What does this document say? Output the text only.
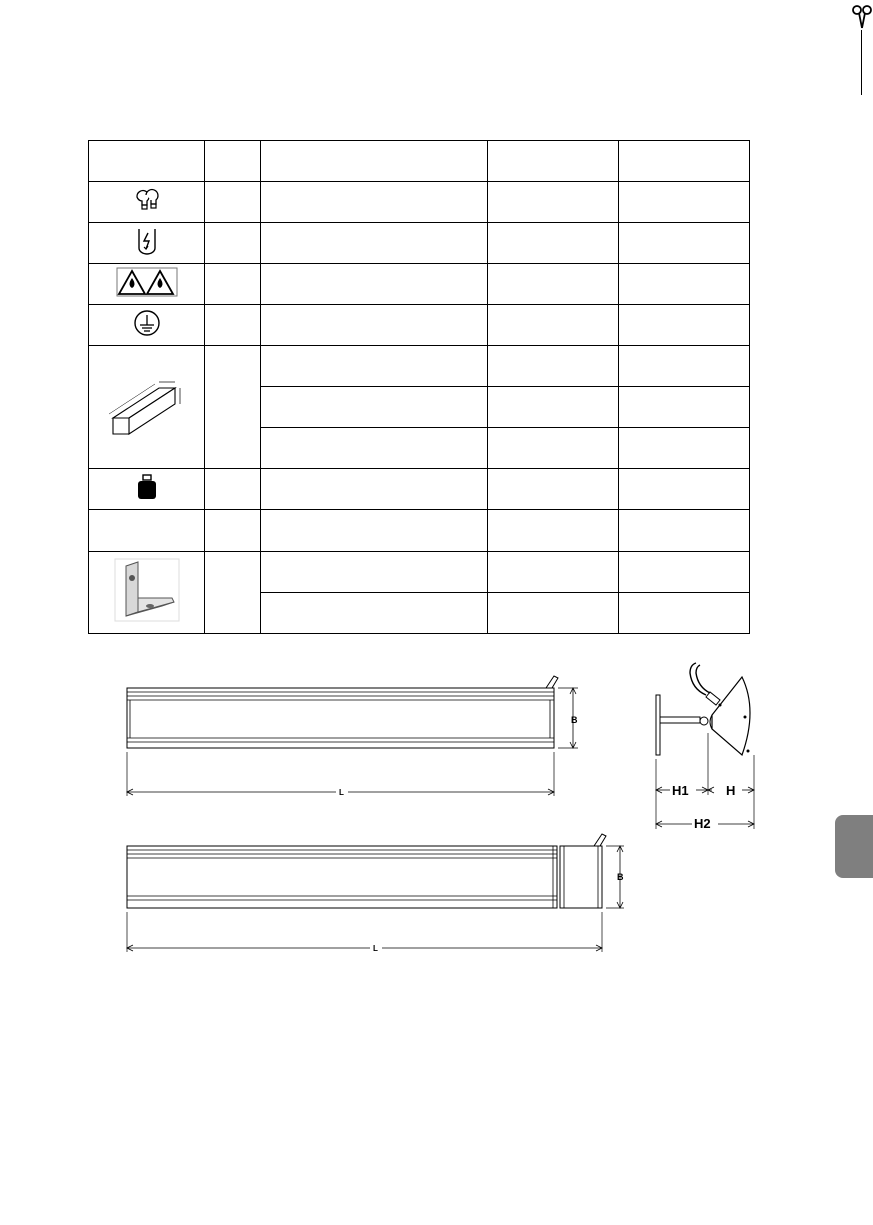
B
L	H1	H
H2
B
L
